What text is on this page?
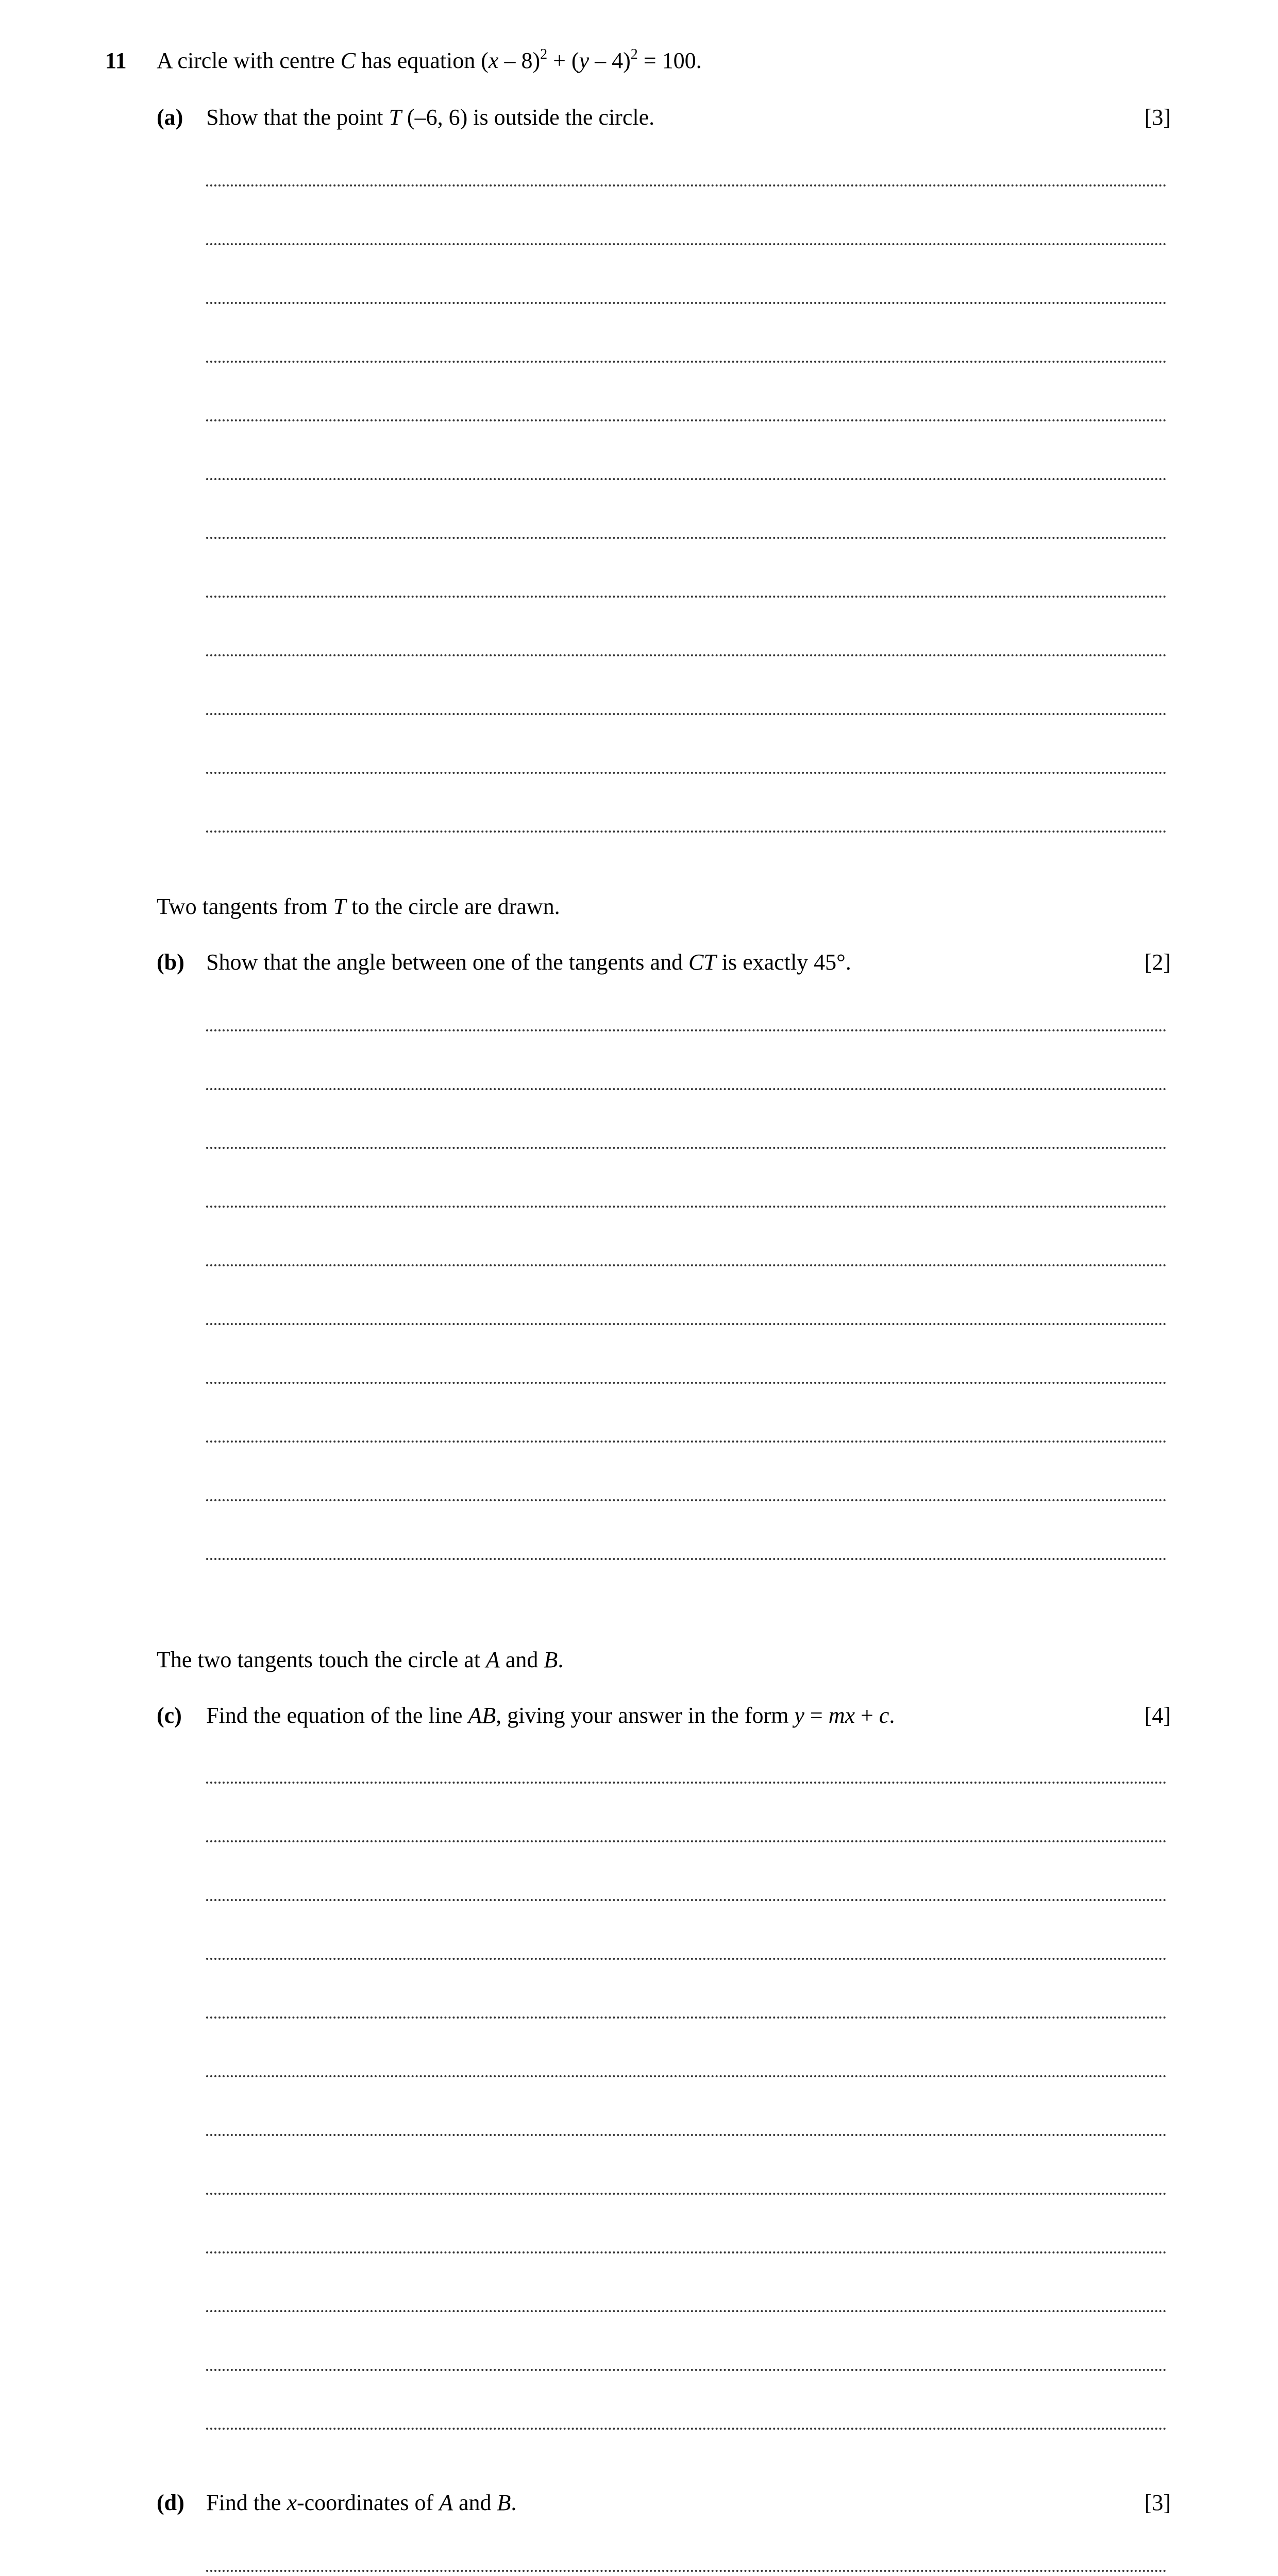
11 A circle with centre C has equation (x – 8)$^2$ + (y – 4)$^2$ = 100.
(a) Show that the point T (–6, 6) is outside the circle.	[3]
Two tangents from T to the circle are drawn.
(b) Show that the angle between one of the tangents and CT is exactly 45°.	[2]
The two tangents touch the circle at A and B.
(c) Find the equation of the line AB, giving your answer in the form y = mx + c.	[4]
(d) Find the x-coordinates of A and B.	[3]
